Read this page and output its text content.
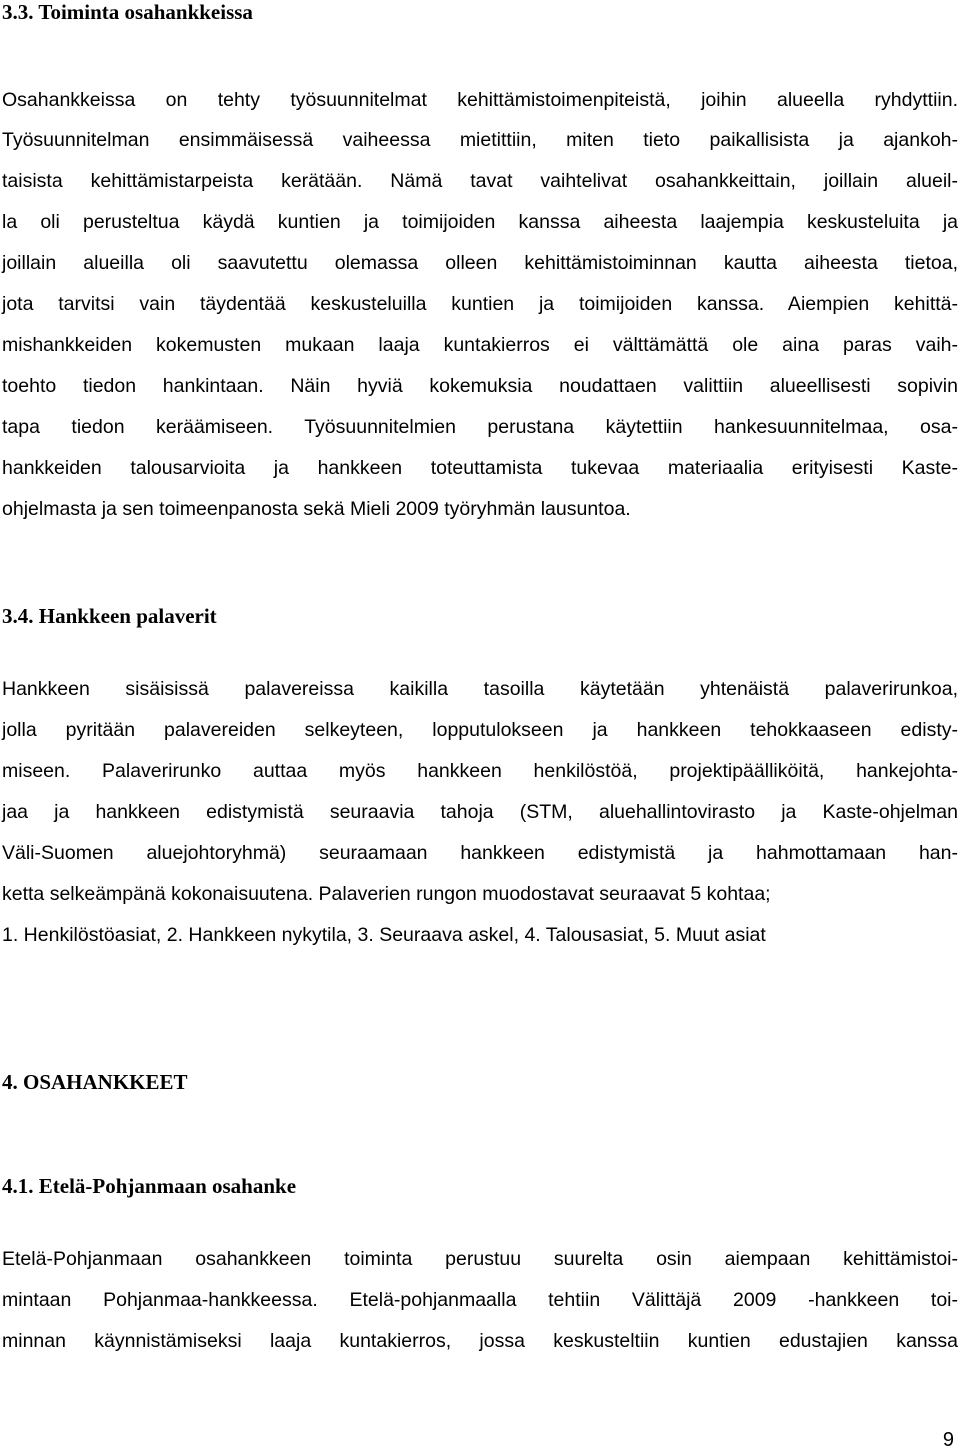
3.3. Toiminta osahankkeissa

Osahankkeissa on tehty työsuunnitelmat kehittämistoimenpiteistä, joihin alueella ryhdyttiin.

Työsuunnitelman ensimmäisessä vaiheessa mietittiin, miten tieto paikallisista ja ajankoh-

taisista kehittämistarpeista kerätään. Nämä tavat vaihtelivat osahankkeittain, joillain alueil-

la oli perusteltua käydä kuntien ja toimijoiden kanssa aiheesta laajempia keskusteluita ja

joillain alueilla oli saavutettu olemassa olleen kehittämistoiminnan kautta aiheesta tietoa,

jota tarvitsi vain täydentää keskusteluilla kuntien ja toimijoiden kanssa. Aiempien kehittä-

mishankkeiden kokemusten mukaan laaja kuntakierros ei välttämättä ole aina paras vaih-

toehto tiedon hankintaan. Näin hyviä kokemuksia noudattaen valittiin alueellisesti sopivin

tapa tiedon keräämiseen. Työsuunnitelmien perustana käytettiin hankesuunnitelmaa, osa-

hankkeiden talousarvioita ja hankkeen toteuttamista tukevaa materiaalia erityisesti Kaste-

ohjelmasta ja sen toimeenpanosta sekä Mieli 2009 työryhmän lausuntoa.

3.4. Hankkeen palaverit

Hankkeen sisäisissä palavereissa kaikilla tasoilla käytetään yhtenäistä palaverirunkoa,

jolla pyritään palavereiden selkeyteen, lopputulokseen ja hankkeen tehokkaaseen edisty-

miseen. Palaverirunko auttaa myös hankkeen henkilöstöä, projektipäälliköitä, hankejohta-

jaa ja hankkeen edistymistä seuraavia tahoja (STM, aluehallintovirasto ja Kaste-ohjelman

Väli-Suomen aluejohtoryhmä) seuraamaan hankkeen edistymistä ja hahmottamaan han-

ketta selkeämpänä kokonaisuutena. Palaverien rungon muodostavat seuraavat 5 kohtaa;

1. Henkilöstöasiat, 2. Hankkeen nykytila, 3. Seuraava askel, 4. Talousasiat, 5. Muut asiat

4. OSAHANKKEET
4.1. Etelä-Pohjanmaan osahanke

Etelä-Pohjanmaan osahankkeen toiminta perustuu suurelta osin aiempaan kehittämistoi-

mintaan Pohjanmaa-hankkeessa. Etelä-pohjanmaalla tehtiin Välittäjä 2009 -hankkeen toi-

minnan käynnistämiseksi laaja kuntakierros, jossa keskusteltiin kuntien edustajien kanssa

9
